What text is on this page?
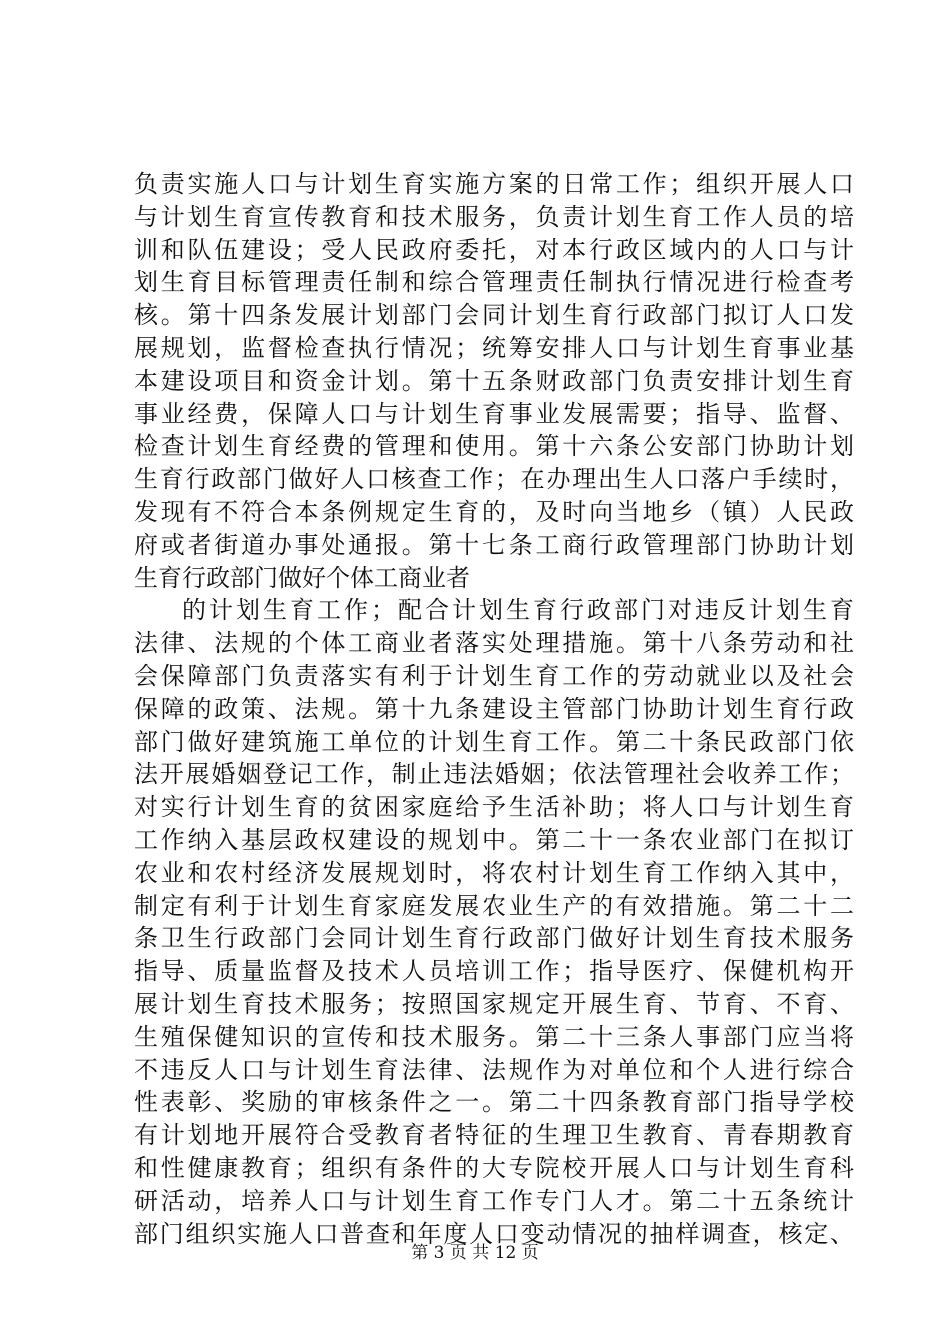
负责实施人口与计划生育实施方案的日常工作；组织开展人口
与计划生育宣传教育和技术服务，负责计划生育工作人员的培
训和队伍建设；受人民政府委托，对本行政区域内的人口与计
划生育目标管理责任制和综合管理责任制执行情况进行检查考
核。第十四条发展计划部门会同计划生育行政部门拟订人口发
展规划，监督检查执行情况；统筹安排人口与计划生育事业基
本建设项目和资金计划。第十五条财政部门负责安排计划生育
事业经费，保障人口与计划生育事业发展需要；指导、监督、
检查计划生育经费的管理和使用。第十六条公安部门协助计划
生育行政部门做好人口核查工作；在办理出生人口落户手续时，
发现有不符合本条例规定生育的，及时向当地乡（镇）人民政
府或者街道办事处通报。第十七条工商行政管理部门协助计划
生育行政部门做好个体工商业者
的计划生育工作；配合计划生育行政部门对违反计划生育
法律、法规的个体工商业者落实处理措施。第十八条劳动和社
会保障部门负责落实有利于计划生育工作的劳动就业以及社会
保障的政策、法规。第十九条建设主管部门协助计划生育行政
部门做好建筑施工单位的计划生育工作。第二十条民政部门依
法开展婚姻登记工作，制止违法婚姻；依法管理社会收养工作；
对实行计划生育的贫困家庭给予生活补助；将人口与计划生育
工作纳入基层政权建设的规划中。第二十一条农业部门在拟订
农业和农村经济发展规划时，将农村计划生育工作纳入其中，
制定有利于计划生育家庭发展农业生产的有效措施。第二十二
条卫生行政部门会同计划生育行政部门做好计划生育技术服务
指导、质量监督及技术人员培训工作；指导医疗、保健机构开
展计划生育技术服务；按照国家规定开展生育、节育、不育、
生殖保健知识的宣传和技术服务。第二十三条人事部门应当将
不违反人口与计划生育法律、法规作为对单位和个人进行综合
性表彰、奖励的审核条件之一。第二十四条教育部门指导学校
有计划地开展符合受教育者特征的生理卫生教育、青春期教育
和性健康教育；组织有条件的大专院校开展人口与计划生育科
研活动，培养人口与计划生育工作专门人才。第二十五条统计
部门组织实施人口普查和年度人口变动情况的抽样调查，核定、
第 3 页 共 12 页
